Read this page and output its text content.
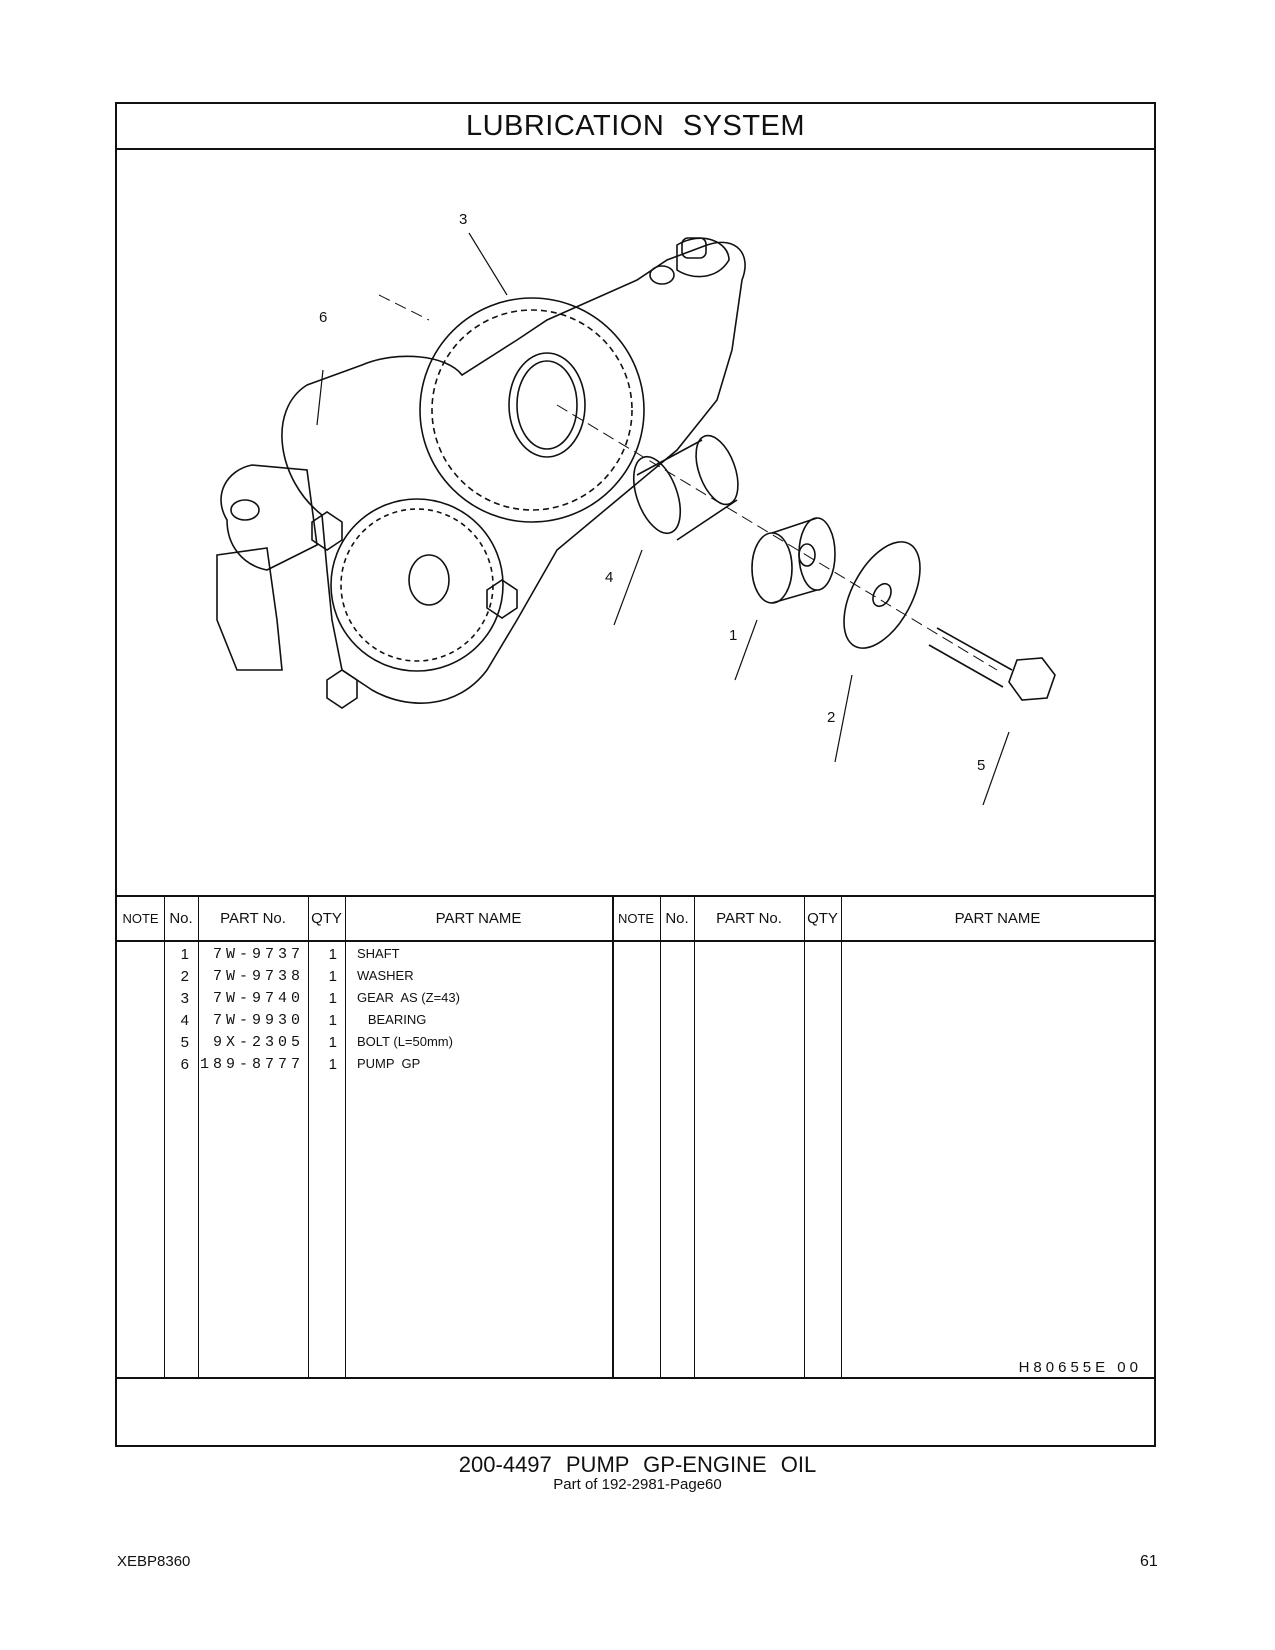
LUBRICATION SYSTEM
3
6
4
1
2
5
NOTE No.	PART No.	QTY	PART NAME	NOTE No.	PART No.	QTY	PART NAME
1	7W-9737	1 SHAFT
2	7W-9738	1 WASHER
3	7W-9740	1 GEAR  AS (Z=43)
4	7W-9930	1 BEARING
5	9X-2305	1 BOLT (L=50mm)
6 189-8777	1 PUMP  GP
H80655E 00
200-4497 PUMP GP-ENGINE OIL
Part of 192-2981-Page60
XEBP8360	61
